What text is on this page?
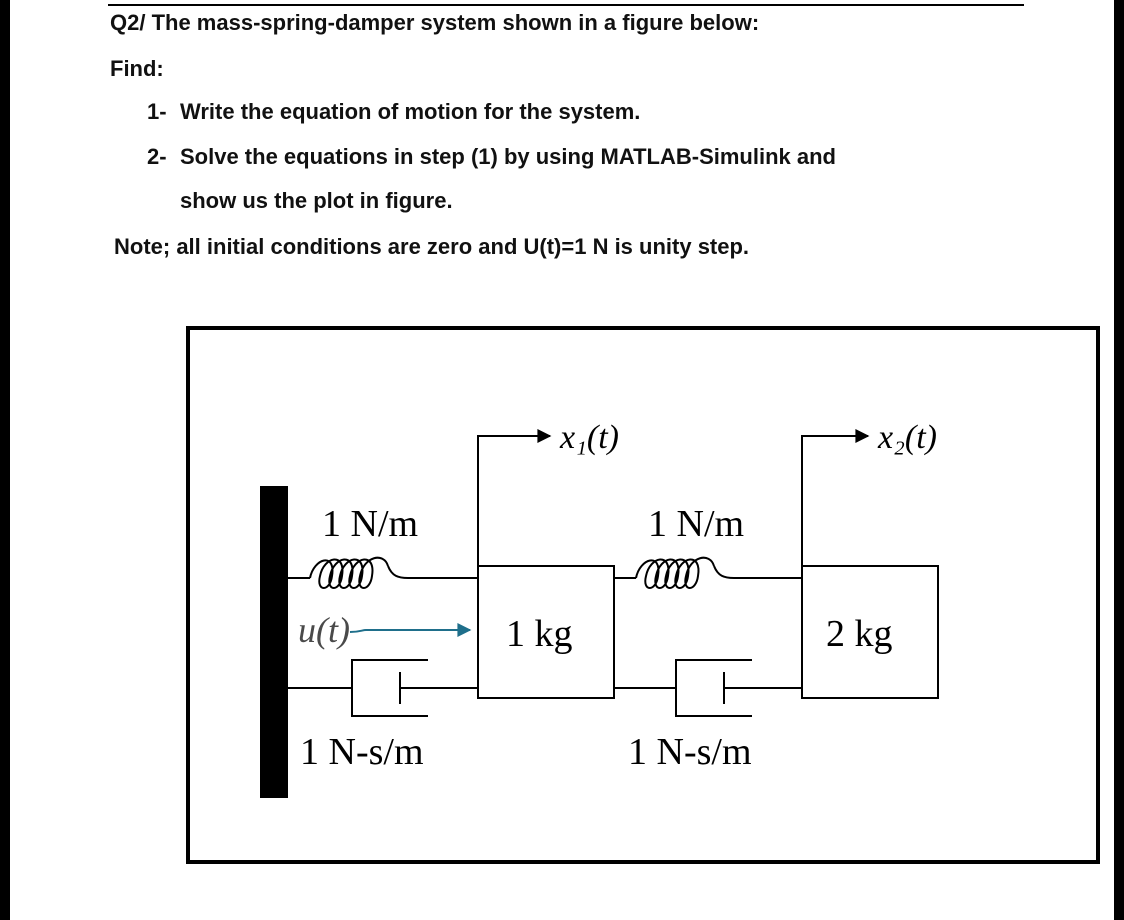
Q2/ The mass-spring-damper system shown in a figure below:

Find:

1- Write the equation of motion for the system.

2- Solve the equations in step (1) by using MATLAB-Simulink and

show us the plot in figure.

Note; all initial conditions are zero and U(t)=1 N is unity step.

1 N/m	1 N/m
1 N-s/m	1 N-s/m
1 kg	2 kg
u(t)
x₁(t)	x₂(t)
